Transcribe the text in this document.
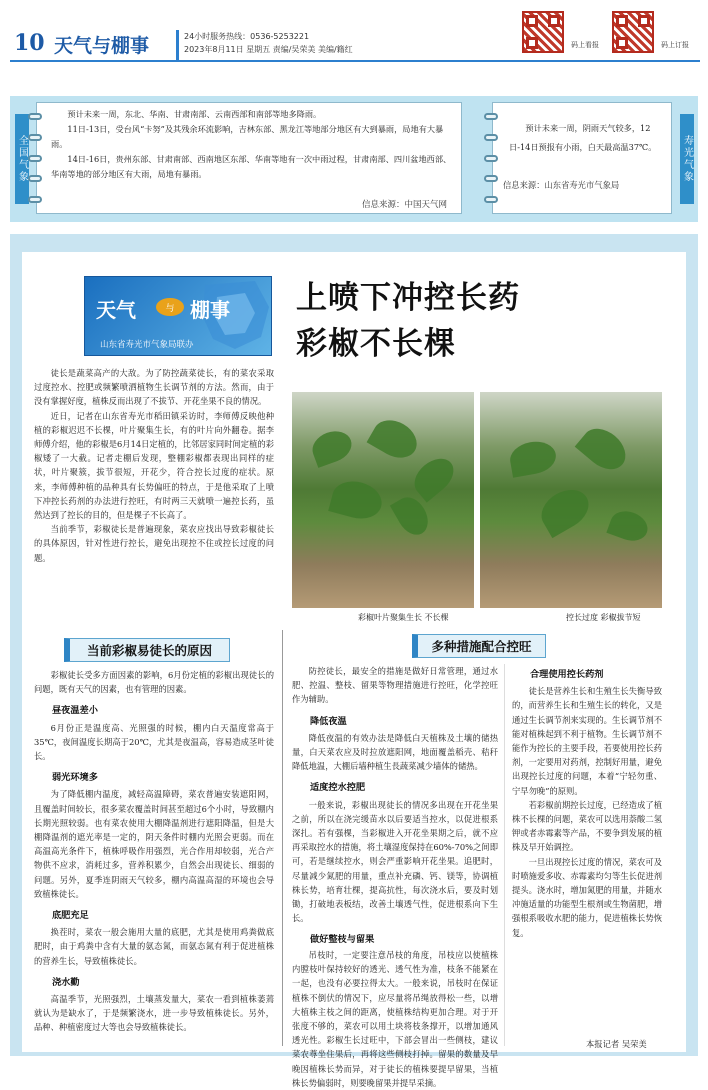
10 天气与棚事	24小时服务热线：0536-5253221
2023年8月11日 星期五 责编/吴荣美 美编/籍红	码上看报	码上订报
全国气象

预计未来一周，东北、华南、甘肃南部、云南西部和南部等地多降雨。

11日-13日，受台风“卡努”及其残余环流影响，吉林东部、黑龙江等地部分地区有大到暴雨，局地有大暴雨。

14日-16日，贵州东部、甘肃南部、西南地区东部、华南等地有一次中雨过程，甘肃南部、四川盆地西部、华南等地的部分地区有大雨，局地有暴雨。

信息来源：中国天气网

预计未来一周，阴雨天气较多，12日-14日预报有小雨，白天最高温37℃。

信息来源：山东省寿光市气象局
寿光气象
天气	与 棚事
山东省寿光市气象局联办
上喷下冲控长药
彩椒不长棵

徒长是蔬菜高产的大敌。为了防控蔬菜徒长，有的菜农采取过度控水、控肥或频繁喷洒植物生长调节剂的方法。然而，由于没有掌握好度，植株反而出现了不拔节、开花坐果不良的情况。

近日，记者在山东省寿光市稻田镇采访时，李师傅反映他种植的彩椒迟迟不长棵，叶片聚集生长，有的叶片向外翻卷。据李师傅介绍，他的彩椒是6月14日定植的，比邻居家同时间定植的彩椒矮了一大截。记者走棚后发现，整棚彩椒都表现出同样的症状，叶片聚簇，拔节很短，开花少，符合控长过度的症状。原来，李师傅种植的品种具有长势偏旺的特点，于是他采取了上喷下冲控长药剂的办法进行控旺，有时两三天就喷一遍控长药，虽然达到了控长的目的，但是棵子不长高了。

当前季节，彩椒徒长是普遍现象，菜农应找出导致彩椒徒长的具体原因，针对性进行控长，避免出现控不住或控长过度的问题。

彩椒叶片聚集生长 不长棵	控长过度 彩椒拔节短
当前彩椒易徒长的原因

彩椒徒长受多方面因素的影响，6月份定植的彩椒出现徒长的问题，既有天气的因素，也有管理的因素。

昼夜温差小

6月份正是温度高、光照强的时候，棚内白天温度常高于35℃，夜间温度长期高于20℃，尤其是夜温高，容易造成茎叶徒长。

弱光环境多

为了降低棚内温度，减轻高温障碍，菜农普遍安装遮阳网，且覆盖时间较长，很多菜农覆盖时间甚至超过6个小时，导致棚内长期光照较弱。也有菜农使用大棚降温剂进行遮阳降温，但是大棚降温剂的遮光率是一定的，阴天条件时棚内光照会更弱。而在高温高光条件下，植株呼吸作用强烈，光合作用却较弱，光合产物供不应求，消耗过多，营养积累少，自然会出现徒长、细弱的问题。另外，夏季连阴雨天气较多，棚内高温高湿的环境也会导致植株徒长。

底肥充足

换茬时，菜农一般会施用大量的底肥，尤其是使用鸡粪做底肥时，由于鸡粪中含有大量的氨态氮，而氨态氮有利于促进植株的营养生长，导致植株徒长。

浇水勤

高温季节，光照强烈，土壤蒸发量大，菜农一看到植株萎蔫就认为是缺水了，于是频繁浇水，进一步导致植株徒长。另外，品种、种植密度过大等也会导致植株徒长。

多种措施配合控旺

防控徒长，最安全的措施是做好日常管理，通过水肥、控温、整枝、留果等物理措施进行控旺，化学控旺作为辅助。

降低夜温

降低夜温的有效办法是降低白天植株及土壤的储热量，白天菜农应及时拉放遮阳网，地面覆盖稻壳、秸秆降低地温，大棚后墙种植生長蔬菜减少墙体的储热。

适度控水控肥

一般来说，彩椒出现徒长的情况多出现在开花坐果之前，所以在浇完缓苗水以后要适当控水，以促进根系深扎。若有强棵，当彩椒进入开花坐果期之后，就不应再采取控水的措施，将土壤湿度保持在60%-70%之间即可，若是继续控水，则会严重影响开花坐果。追肥时，尽量减少氮肥的用量，重点补充磷、钙、镁等，协调植株长势，培育壮棵，提高抗性，每次浇水后，要及时划锄，打破地表板结，改善土壤透气性，促进根系向下生长。

做好整枝与留果

吊枝时，一定要注意吊枝的角度，吊枝应以使植株内膛枝叶保持较好的透光、透气性为准，枝条不能紧在一起，也没有必要拉得太大。一般来说，吊枝时在保证植株不倒伏的情况下，应尽量将吊绳放得松一些，以增大植株主枝之间的距离，使植株结构更加合理。对于开张度不够的，菜农可以用土块将枝条撑开，以增加通风透光性。彩椒生长过旺中，下部会冒出一些侧枝，建议菜农尊坐住果后，再将这些侧枝打掉。留果的数量及早晚因植株长势而异，对于徒长的植株要提早留果，当植株长势偏弱时，则要晚留果并提早采摘。

合理使用控长药剂

徒长是营养生长和生殖生长失衡导致的，而营养生长和生殖生长的转化，又是通过生长调节剂来实现的。生长调节剂不能对植株起到不利于植物。生长调节剂不能作为控长的主要手段，若要使用控长药剂，一定要用对药剂，控制好用量，避免出现控长过度的问题，本着“宁轻勿重、宁早勿晚”的原则。

若彩椒前期控长过度，已经造成了植株不长棵的问题，菜农可以选用萘酸二氢钾或者赤霉素等产品，不要争到发展的植株及早开始调控。

一旦出现控长过度的情况，菜农可及时喷施爱多收、赤霉素均匀等生长促进剂提头。浇水时，增加氮肥的用量，并随水冲施适量的功能型生根剂或生物菌肥，增强根系吸收水肥的能力，促进植株长势恢复。

本报记者 吴荣美
